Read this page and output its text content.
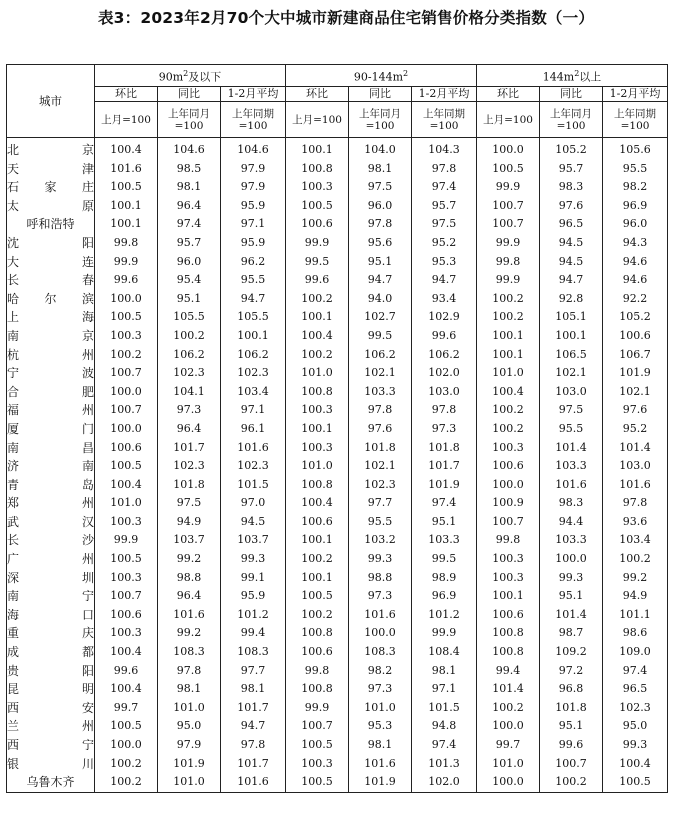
表3：2023年2月70个大中城市新建商品住宅销售价格分类指数（一）
城市	$90m^2$及以下			$90-144m^2$			$144m^2$以上		
	环比	同比	1-2月平均	环比	同比	1-2月平均	环比	同比	1-2月平均
	上月=100	上年同月=100	上年同期=100	上月=100	上年同月=100	上年同期=100	上月=100	上年同月=100	上年同期=100
北京	100.4	104.6	104.6	100.1	104.0	104.3	100.0	105.2	105.6
天津	101.6	98.5	97.9	100.8	98.1	97.8	100.5	95.7	95.5
石家庄	100.5	98.1	97.9	100.3	97.5	97.4	99.9	98.3	98.2
太原	100.1	96.4	95.9	100.5	96.0	95.7	100.7	97.6	96.9
呼和浩特	100.1	97.4	97.1	100.6	97.8	97.5	100.7	96.5	96.0
沈阳	99.8	95.7	95.9	99.9	95.6	95.2	99.9	94.5	94.3
大连	99.9	96.0	96.2	99.5	95.1	95.3	99.8	94.5	94.6
长春	99.6	95.4	95.5	99.6	94.7	94.7	99.9	94.7	94.6
哈尔滨	100.0	95.1	94.7	100.2	94.0	93.4	100.2	92.8	92.2
上海	100.5	105.5	105.5	100.1	102.7	102.9	100.2	105.1	105.2
南京	100.3	100.2	100.1	100.4	99.5	99.6	100.1	100.1	100.6
杭州	100.2	106.2	106.2	100.2	106.2	106.2	100.1	106.5	106.7
宁波	100.7	102.3	102.3	101.0	102.1	102.0	101.0	102.1	101.9
合肥	100.0	104.1	103.4	100.8	103.3	103.0	100.4	103.0	102.1
福州	100.7	97.3	97.1	100.3	97.8	97.8	100.2	97.5	97.6
厦门	100.0	96.4	96.1	100.1	97.6	97.3	100.2	95.5	95.2
南昌	100.6	101.7	101.6	100.3	101.8	101.8	100.3	101.4	101.4
济南	100.5	102.3	102.3	101.0	102.1	101.7	100.6	103.3	103.0
青岛	100.4	101.8	101.5	100.8	102.3	101.9	100.0	101.6	101.6
郑州	101.0	97.5	97.0	100.4	97.7	97.4	100.9	98.3	97.8
武汉	100.3	94.9	94.5	100.6	95.5	95.1	100.7	94.4	93.6
长沙	99.9	103.7	103.7	100.1	103.2	103.3	99.8	103.3	103.4
广州	100.5	99.2	99.3	100.2	99.3	99.5	100.3	100.0	100.2
深圳	100.3	98.8	99.1	100.1	98.8	98.9	100.3	99.3	99.2
南宁	100.7	96.4	95.9	100.5	97.3	96.9	100.1	95.1	94.9
海口	100.6	101.6	101.2	100.2	101.6	101.2	100.6	101.4	101.1
重庆	100.3	99.2	99.4	100.8	100.0	99.9	100.8	98.7	98.6
成都	100.4	108.3	108.3	100.6	108.3	108.4	100.8	109.2	109.0
贵阳	99.6	97.8	97.7	99.8	98.2	98.1	99.4	97.2	97.4
昆明	100.4	98.1	98.1	100.8	97.3	97.1	101.4	96.8	96.5
西安	99.7	101.0	101.7	99.9	101.0	101.5	100.2	101.8	102.3
兰州	100.5	95.0	94.7	100.7	95.3	94.8	100.0	95.1	95.0
西宁	100.0	97.9	97.8	100.5	98.1	97.4	99.7	99.6	99.3
银川	100.2	101.9	101.7	100.3	101.6	101.3	101.0	100.7	100.4
乌鲁木齐	100.2	101.0	101.6	100.5	101.9	102.0	100.0	100.2	100.5
